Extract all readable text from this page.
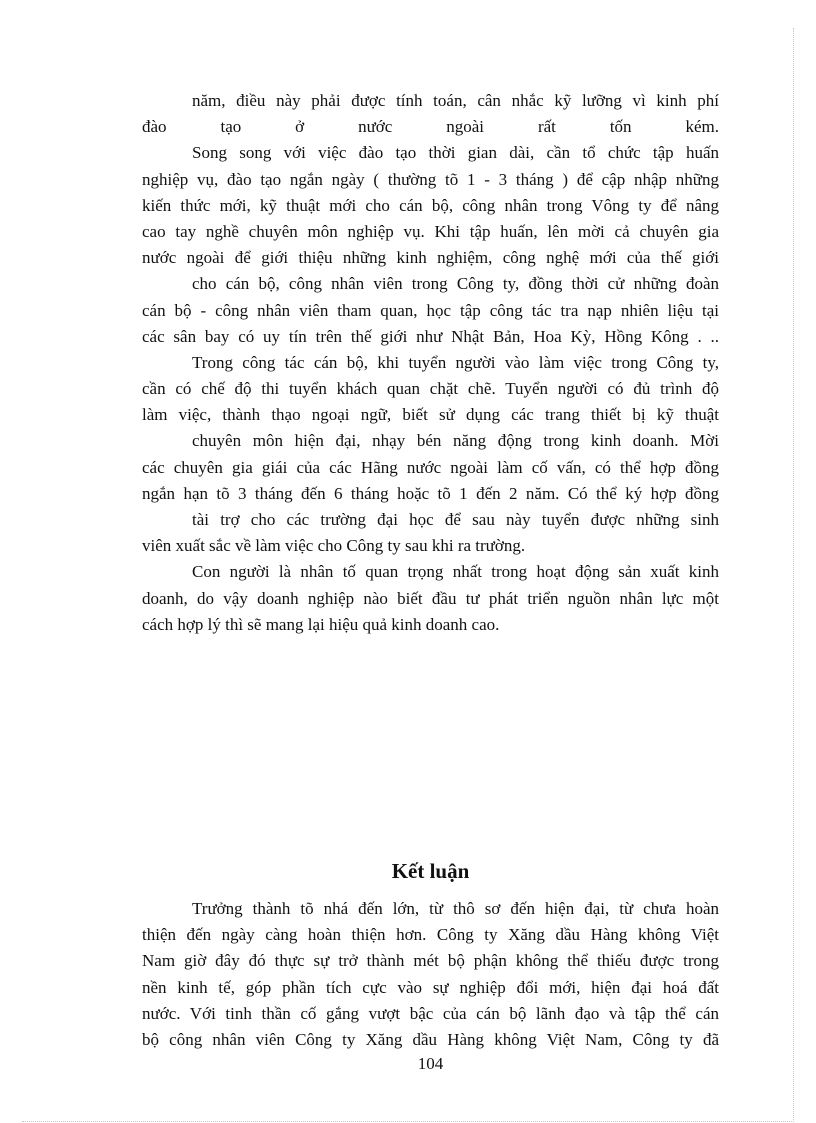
năm, điều này phải được tính toán, cân nhắc kỹ lưỡng vì kinh phí

đào tạo ở nước ngoài rất tốn kém.

Song song với việc đào tạo thời gian dài, cần tổ chức tập huấn

nghiệp vụ, đào tạo ngắn ngày ( thường tõ 1 - 3 tháng ) để cập nhập những

kiến thức mới, kỹ thuật mới cho cán bộ, công nhân trong Vông ty để nâng

cao tay nghề chuyên môn nghiệp vụ. Khi tập huấn, lên mời cả chuyên gia

nước ngoài để giới thiệu những kinh nghiệm, công nghệ mới của thế giới

cho cán bộ, công nhân viên trong Công ty, đồng thời cử những đoàn

cán bộ - công nhân viên tham quan, học tập công tác tra nạp nhiên liệu tại

các sân bay có uy tín trên thế giới như Nhật Bản, Hoa Kỳ, Hồng Kông . ..

Trong công tác cán bộ, khi tuyển người vào làm việc trong Công ty,

cần có chế độ thi tuyển khách quan chặt chẽ. Tuyển người có đủ trình độ

làm việc, thành thạo ngoại ngữ, biết sử dụng các trang thiết bị kỹ thuật

chuyên môn hiện đại, nhạy bén năng động trong kinh doanh. Mời

các chuyên gia giái của các Hãng nước ngoài làm cố vấn, có thể hợp đồng

ngắn hạn tõ 3 tháng đến 6 tháng hoặc tõ 1 đến 2 năm. Có thể ký hợp đồng

tài trợ cho các trường đại học để sau này tuyển được những sinh

viên xuất sắc về làm việc cho Công ty sau khi ra trường.

Con người là nhân tố quan trọng nhất trong hoạt động sản xuất kinh

doanh, do vậy doanh nghiệp nào biết đầu tư phát triển nguồn nhân lực một

cách hợp lý thì sẽ mang lại hiệu quả kinh doanh cao.

Kết luận

Trưởng thành tõ nhá đến lớn, từ thô sơ đến hiện đại, từ chưa hoàn

thiện đến ngày càng hoàn thiện hơn. Công ty Xăng dầu Hàng không Việt

Nam giờ đây đó thực sự trở thành mét bộ phận không thể thiếu được trong

nền kinh tế, góp phần tích cực vào sự nghiệp đổi mới, hiện đại hoá đất

nước. Với tinh thần cố gắng vượt bậc của cán bộ lãnh đạo và tập thể cán

bộ công nhân viên Công ty Xăng dầu Hàng không Việt Nam, Công ty đã

104
